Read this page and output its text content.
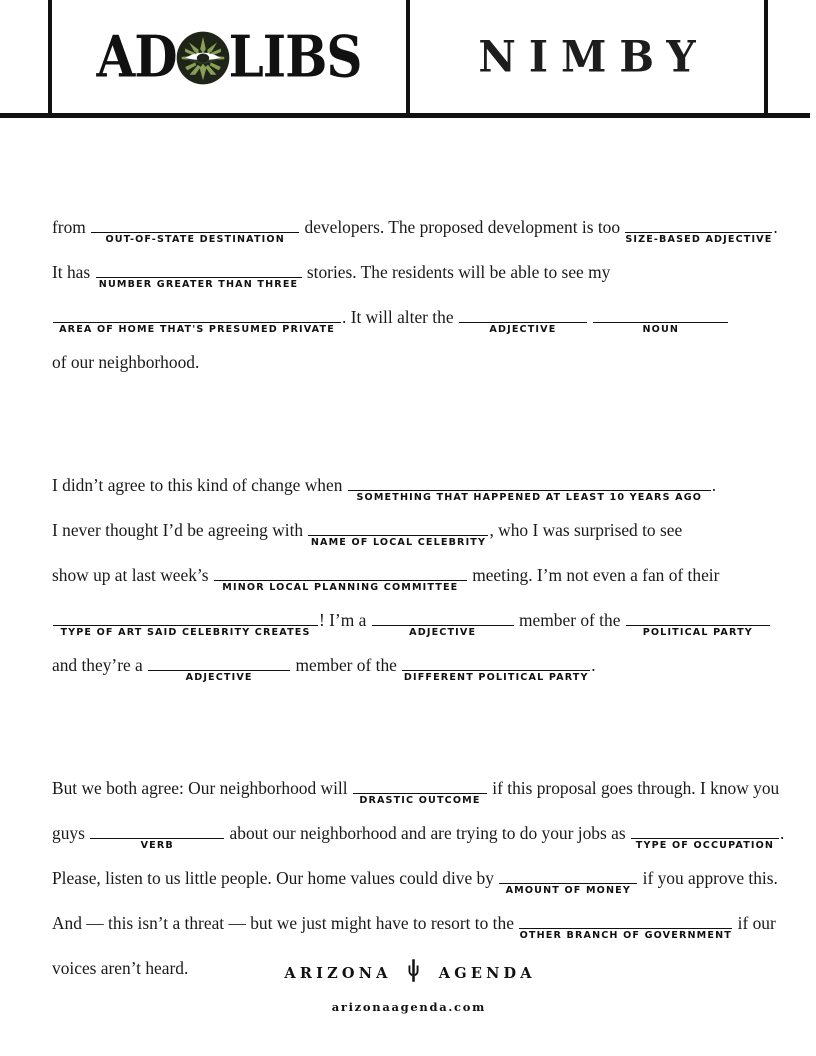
AD LIBS	NIMBY

from
OUT-OF-STATE DESTINATION
developers. The proposed development is too
SIZE-BASED ADJECTIVE
.
It has
NUMBER GREATER THAN THREE
stories. The residents will be able to see my

AREA OF HOME THAT'S PRESUMED PRIVATE
. It will alter the
ADJECTIVE
	NOUN

of our neighborhood.

I didn’t agree to this kind of change when
SOMETHING THAT HAPPENED AT LEAST 10 YEARS AGO
.
I never thought I’d be agreeing with
NAME OF LOCAL CELEBRITY
, who I was surprised to see
show up at last week’s
MINOR LOCAL PLANNING COMMITTEE
meeting. I’m not even a fan of their

TYPE OF ART SAID CELEBRITY CREATES
! I’m a
ADJECTIVE
member of the
POLITICAL PARTY

and they’re a
ADJECTIVE
member of the
DIFFERENT POLITICAL PARTY
.

But we both agree: Our neighborhood will
DRASTIC OUTCOME
if this proposal goes through. I know you
guys
VERB
about our neighborhood and are trying to do your jobs as
TYPE OF OCCUPATION
.
Please, listen to us little people. Our home values could dive by
AMOUNT OF MONEY
if you approve this.
And — this isn’t a threat — but we just might have to resort to the
OTHER BRANCH OF GOVERNMENT
if our
voices aren’t heard.	ARIZONA	AGENDA
arizonaagenda.com
